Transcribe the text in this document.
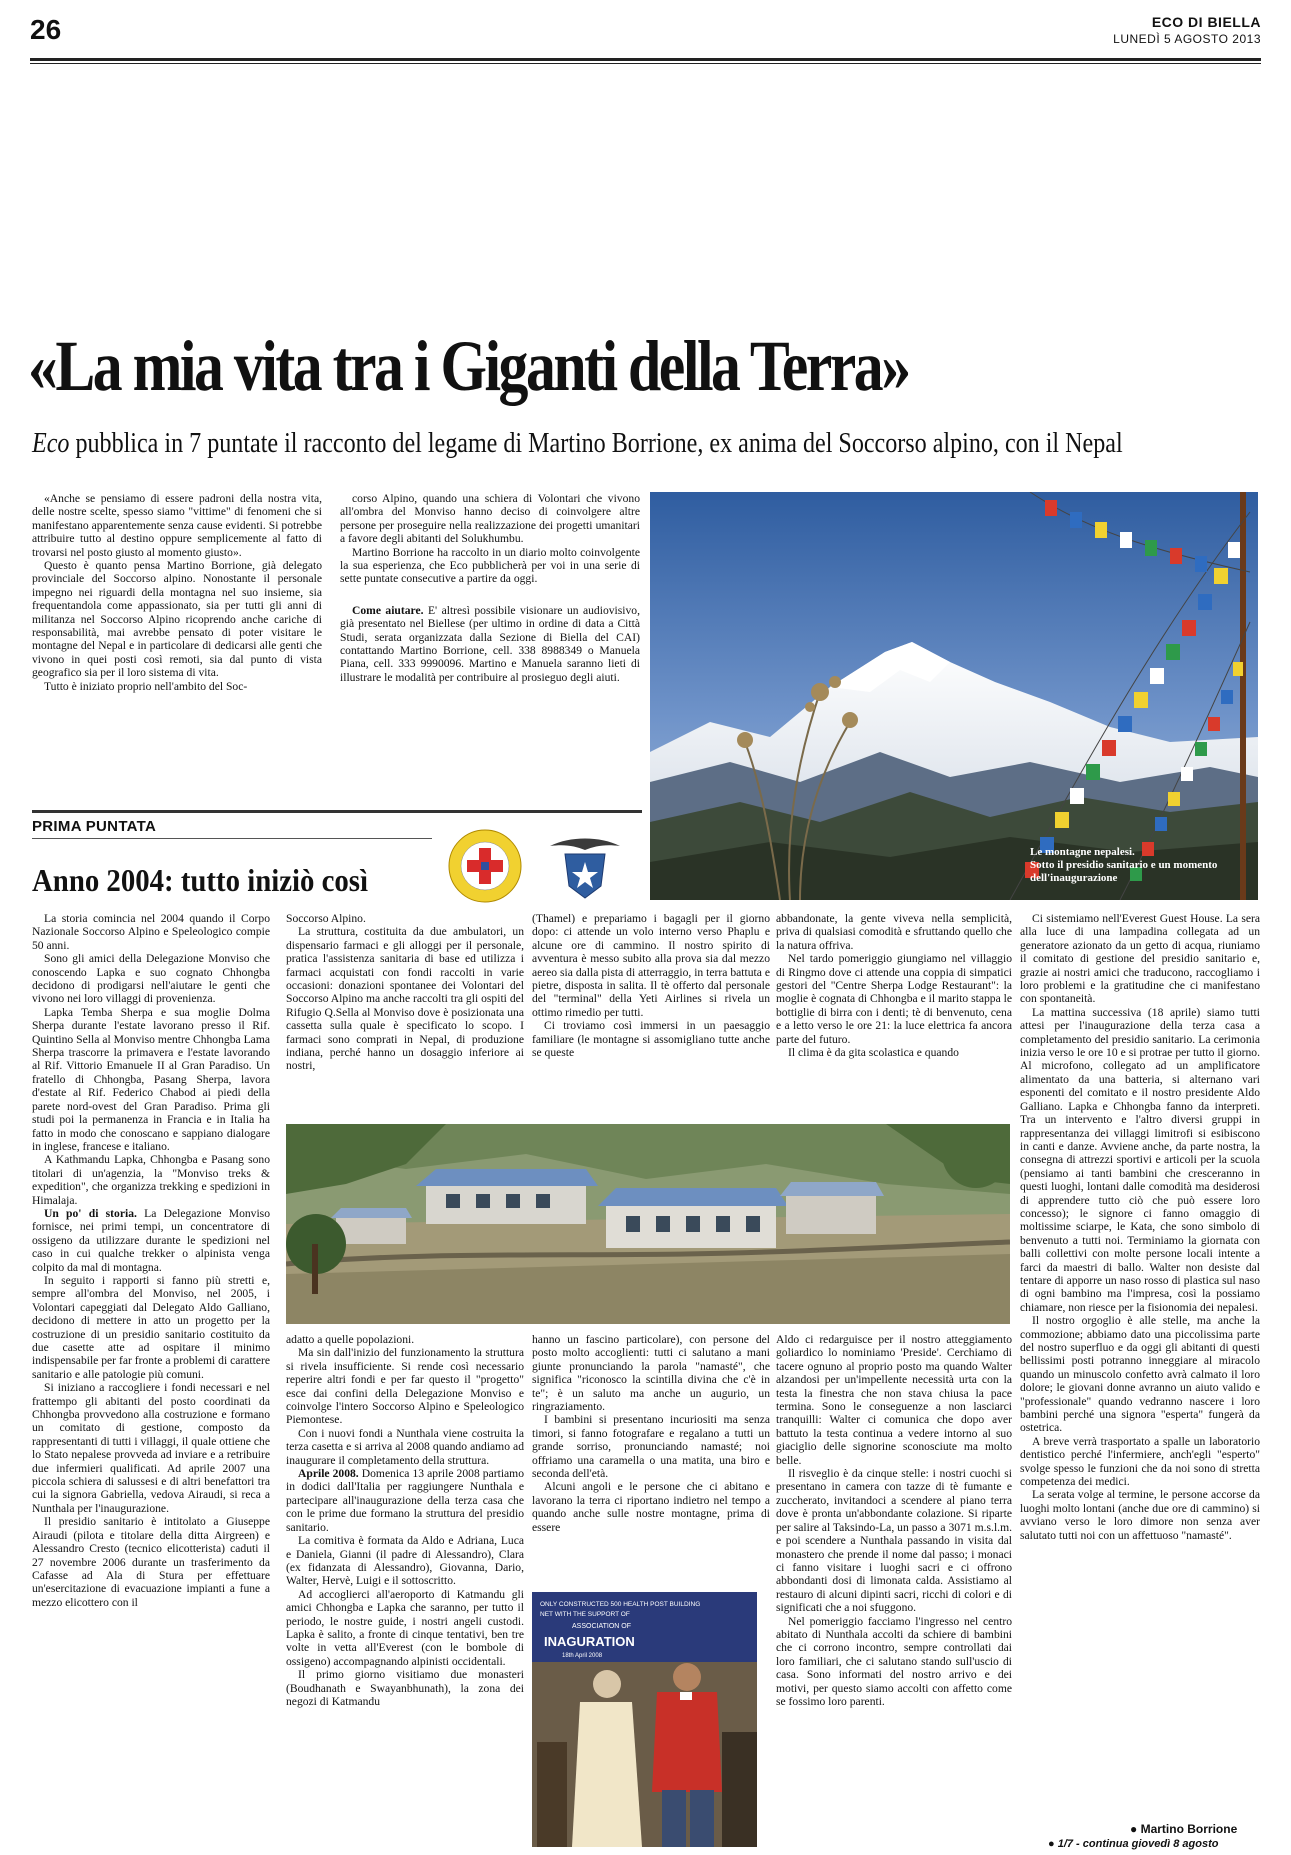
26	ECO DI BIELLA
LUNEDÌ 5 AGOSTO 2013
«La mia vita tra i Giganti della Terra»
Eco pubblica in 7 puntate il racconto del legame di Martino Borrione, ex anima del Soccorso alpino, con il Nepal

«Anche se pensiamo di essere padroni della nostra vita, delle nostre scelte, spesso siamo "vittime" di fenomeni che si manifestano apparentemente senza cause evidenti. Si potrebbe attribuire tutto al destino oppure semplicemente al fatto di trovarsi nel posto giusto al momento giusto».

Questo è quanto pensa Martino Borrione, già delegato provinciale del Soccorso alpino. Nonostante il personale impegno nei riguardi della montagna nel suo insieme, sia frequentandola come appassionato, sia per tutti gli anni di militanza nel Soccorso Alpino ricoprendo anche cariche di responsabilità, mai avrebbe pensato di poter visitare le montagne del Nepal e in particolare di dedicarsi alle genti che vivono in quei posti così remoti, sia dal punto di vista geografico sia per il loro sistema di vita.

Tutto è iniziato proprio nell'ambito del Soc-

corso Alpino, quando una schiera di Volontari che vivono all'ombra del Monviso hanno deciso di coinvolgere altre persone per proseguire nella realizzazione dei progetti umanitari a favore degli abitanti del Solukhumbu.

Martino Borrione ha raccolto in un diario molto coinvolgente la sua esperienza, che Eco pubblicherà per voi in una serie di sette puntate consecutive a partire da oggi.

Come aiutare. E' altresì possibile visionare un audiovisivo, già presentato nel Biellese (per ultimo in ordine di data a Città Studi, serata organizzata dalla Sezione di Biella del CAI) contattando Martino Borrione, cell. 338 8988349 o Manuela Piana, cell. 333 9990096. Martino e Manuela saranno lieti di illustrare le modalità per contribuire al prosieguo degli aiuti.

Le montagne nepalesi.
Sotto il presidio sanitario e un momento dell'inaugurazione
PRIMA PUNTATA
Anno 2004: tutto iniziò così

La storia comincia nel 2004 quando il Corpo Nazionale Soccorso Alpino e Speleologico compie 50 anni.

Sono gli amici della Delegazione Monviso che conoscendo Lapka e suo cognato Chhongba decidono di prodigarsi nell'aiutare le genti che vivono nei loro villaggi di provenienza.

Lapka Temba Sherpa e sua moglie Dolma Sherpa durante l'estate lavorano presso il Rif. Quintino Sella al Monviso mentre Chhongba Lama Sherpa trascorre la primavera e l'estate lavorando al Rif. Vittorio Emanuele II al Gran Paradiso. Un fratello di Chhongba, Pasang Sherpa, lavora d'estate al Rif. Federico Chabod ai piedi della parete nord-ovest del Gran Paradiso. Prima gli studi poi la permanenza in Francia e in Italia ha fatto in modo che conoscano e sappiano dialogare in inglese, francese e italiano.

A Kathmandu Lapka, Chhongba e Pasang sono titolari di un'agenzia, la "Monviso treks & expedition", che organizza trekking e spedizioni in Himalaja.

Un po' di storia. La Delegazione Monviso fornisce, nei primi tempi, un concentratore di ossigeno da utilizzare durante le spedizioni nel caso in cui qualche trekker o alpinista venga colpito da mal di montagna.

In seguito i rapporti si fanno più stretti e, sempre all'ombra del Monviso, nel 2005, i Volontari capeggiati dal Delegato Aldo Galliano, decidono di mettere in atto un progetto per la costruzione di un presidio sanitario costituito da due casette atte ad ospitare il minimo indispensabile per far fronte a problemi di carattere sanitario e alle patologie più comuni.

Si iniziano a raccogliere i fondi necessari e nel frattempo gli abitanti del posto coordinati da Chhongba provvedono alla costruzione e formano un comitato di gestione, composto da rappresentanti di tutti i villaggi, il quale ottiene che lo Stato nepalese provveda ad inviare e a retribuire due infermieri qualificati. Ad aprile 2007 una piccola schiera di salussesi e di altri benefattori tra cui la signora Gabriella, vedova Airaudi, si reca a Nunthala per l'inaugurazione.

Il presidio sanitario è intitolato a Giuseppe Airaudi (pilota e titolare della ditta Airgreen) e Alessandro Cresto (tecnico elicotterista) caduti il 27 novembre 2006 durante un trasferimento da Cafasse ad Ala di Stura per effettuare un'esercitazione di evacuazione impianti a fune a mezzo elicottero con il

Soccorso Alpino.

La struttura, costituita da due ambulatori, un dispensario farmaci e gli alloggi per il personale, pratica l'assistenza sanitaria di base ed utilizza i farmaci acquistati con fondi raccolti in varie occasioni: donazioni spontanee dei Volontari del Soccorso Alpino ma anche raccolti tra gli ospiti del Rifugio Q.Sella al Monviso dove è posizionata una cassetta sulla quale è specificato lo scopo. I farmaci sono comprati in Nepal, di produzione indiana, perché hanno un dosaggio inferiore ai nostri,

(Thamel) e prepariamo i bagagli per il giorno dopo: ci attende un volo interno verso Phaplu e alcune ore di cammino. Il nostro spirito di avventura è messo subito alla prova sia dal mezzo aereo sia dalla pista di atterraggio, in terra battuta e pietre, disposta in salita. Il tè offerto dal personale del "terminal" della Yeti Airlines si rivela un ottimo rimedio per tutti.

Ci troviamo così immersi in un paesaggio familiare (le montagne si assomigliano tutte anche se queste

abbandonate, la gente viveva nella semplicità, priva di qualsiasi comodità e sfruttando quello che la natura offriva.

Nel tardo pomeriggio giungiamo nel villaggio di Ringmo dove ci attende una coppia di simpatici gestori del "Centre Sherpa Lodge Restaurant": la moglie è cognata di Chhongba e il marito stappa le bottiglie di birra con i denti; tè di benvenuto, cena e a letto verso le ore 21: la luce elettrica fa ancora parte del futuro.

Il clima è da gita scolastica e quando

Ci sistemiamo nell'Everest Guest House. La sera alla luce di una lampadina collegata ad un generatore azionato da un getto di acqua, riuniamo il comitato di gestione del presidio sanitario e, grazie ai nostri amici che traducono, raccogliamo i loro problemi e la gratitudine che ci manifestano con spontaneità.

La mattina successiva (18 aprile) siamo tutti attesi per l'inaugurazione della terza casa a completamento del presidio sanitario. La cerimonia inizia verso le ore 10 e si protrae per tutto il giorno. Al microfono, collegato ad un amplificatore alimentato da una batteria, si alternano vari esponenti del comitato e il nostro presidente Aldo Galliano. Lapka e Chhongba fanno da interpreti. Tra un intervento e l'altro diversi gruppi in rappresentanza dei villaggi limitrofi si esibiscono in canti e danze. Avviene anche, da parte nostra, la consegna di attrezzi sportivi e articoli per la scuola (pensiamo ai tanti bambini che cresceranno in questi luoghi, lontani dalle comodità ma desiderosi di apprendere tutto ciò che può essere loro concesso); le signore ci fanno omaggio di moltissime sciarpe, le Kata, che sono simbolo di benvenuto a tutti noi. Terminiamo la giornata con balli collettivi con molte persone locali intente a farci da maestri di ballo. Walter non desiste dal tentare di apporre un naso rosso di plastica sul naso di ogni bambino ma l'impresa, così la possiamo chiamare, non riesce per la fisionomia dei nepalesi.

Il nostro orgoglio è alle stelle, ma anche la commozione; abbiamo dato una piccolissima parte del nostro superfluo e da oggi gli abitanti di questi bellissimi posti potranno inneggiare al miracolo quando un minuscolo confetto avrà calmato il loro dolore; le giovani donne avranno un aiuto valido e "professionale" quando vedranno nascere i loro bambini perché una signora "esperta" fungerà da ostetrica.

A breve verrà trasportato a spalle un laboratorio dentistico perché l'infermiere, anch'egli "esperto" svolge spesso le funzioni che da noi sono di stretta competenza dei medici.

La serata volge al termine, le persone accorse da luoghi molto lontani (anche due ore di cammino) si avviano verso le loro dimore non senza aver salutato tutti noi con un affettuoso "namasté".

adatto a quelle popolazioni.

Ma sin dall'inizio del funzionamento la struttura si rivela insufficiente. Si rende così necessario reperire altri fondi e per far questo il "progetto" esce dai confini della Delegazione Monviso e coinvolge l'intero Soccorso Alpino e Speleologico Piemontese.

Con i nuovi fondi a Nunthala viene costruita la terza casetta e si arriva al 2008 quando andiamo ad inaugurare il completamento della struttura.

Aprile 2008. Domenica 13 aprile 2008 partiamo in dodici dall'Italia per raggiungere Nunthala e partecipare all'inaugurazione della terza casa che con le prime due formano la struttura del presidio sanitario.

La comitiva è formata da Aldo e Adriana, Luca e Daniela, Gianni (il padre di Alessandro), Clara (ex fidanzata di Alessandro), Giovanna, Dario, Walter, Hervè, Luigi e il sottoscritto.

Ad accoglierci all'aeroporto di Katmandu gli amici Chhongba e Lapka che saranno, per tutto il periodo, le nostre guide, i nostri angeli custodi. Lapka è salito, a fronte di cinque tentativi, ben tre volte in vetta all'Everest (con le bombole di ossigeno) accompagnando alpinisti occidentali.

Il primo giorno visitiamo due monasteri (Boudhanath e Swayanbhunath), la zona dei negozi di Katmandu

hanno un fascino particolare), con persone del posto molto accoglienti: tutti ci salutano a mani giunte pronunciando la parola "namasté", che significa "riconosco la scintilla divina che c'è in te"; è un saluto ma anche un augurio, un ringraziamento.

I bambini si presentano incuriositi ma senza timori, si fanno fotografare e regalano a tutti un grande sorriso, pronunciando namasté; noi offriamo una caramella o una matita, una biro e seconda dell'età.

Alcuni angoli e le persone che ci abitano e lavorano la terra ci riportano indietro nel tempo a quando anche sulle nostre montagne, prima di essere

Aldo ci redarguisce per il nostro atteggiamento goliardico lo nominiamo 'Preside'. Cerchiamo di tacere ognuno al proprio posto ma quando Walter alzandosi per un'impellente necessità urta con la testa la finestra che non stava chiusa la pace termina. Sono le conseguenze a non lasciarci tranquilli: Walter ci comunica che dopo aver battuto la testa continua a vedere intorno al suo giaciglio delle signorine sconosciute ma molto belle.

Il risveglio è da cinque stelle: i nostri cuochi si presentano in camera con tazze di tè fumante e zuccherato, invitandoci a scendere al piano terra dove è pronta un'abbondante colazione. Si riparte per salire al Taksindo-La, un passo a 3071 m.s.l.m. e poi scendere a Nunthala passando in visita dal monastero che prende il nome dal passo; i monaci ci fanno visitare i luoghi sacri e ci offrono abbondanti dosi di limonata calda. Assistiamo al restauro di alcuni dipinti sacri, ricchi di colori e di significati che a noi sfuggono.

Nel pomeriggio facciamo l'ingresso nel centro abitato di Nunthala accolti da schiere di bambini che ci corrono incontro, sempre controllati dai loro familiari, che ci salutano stando sull'uscio di casa. Sono informati del nostro arrivo e dei motivi, per questo siamo accolti con affetto come se fossimo loro parenti.

ONLY CONSTRUCTED 500 HEALTH POST BUILDING
NET WITH THE SUPPORT OF
ASSOCIATION OF
INAGURATION
18th April 2008
● Martino Borrione
● 1/7 - continua giovedì 8 agosto
